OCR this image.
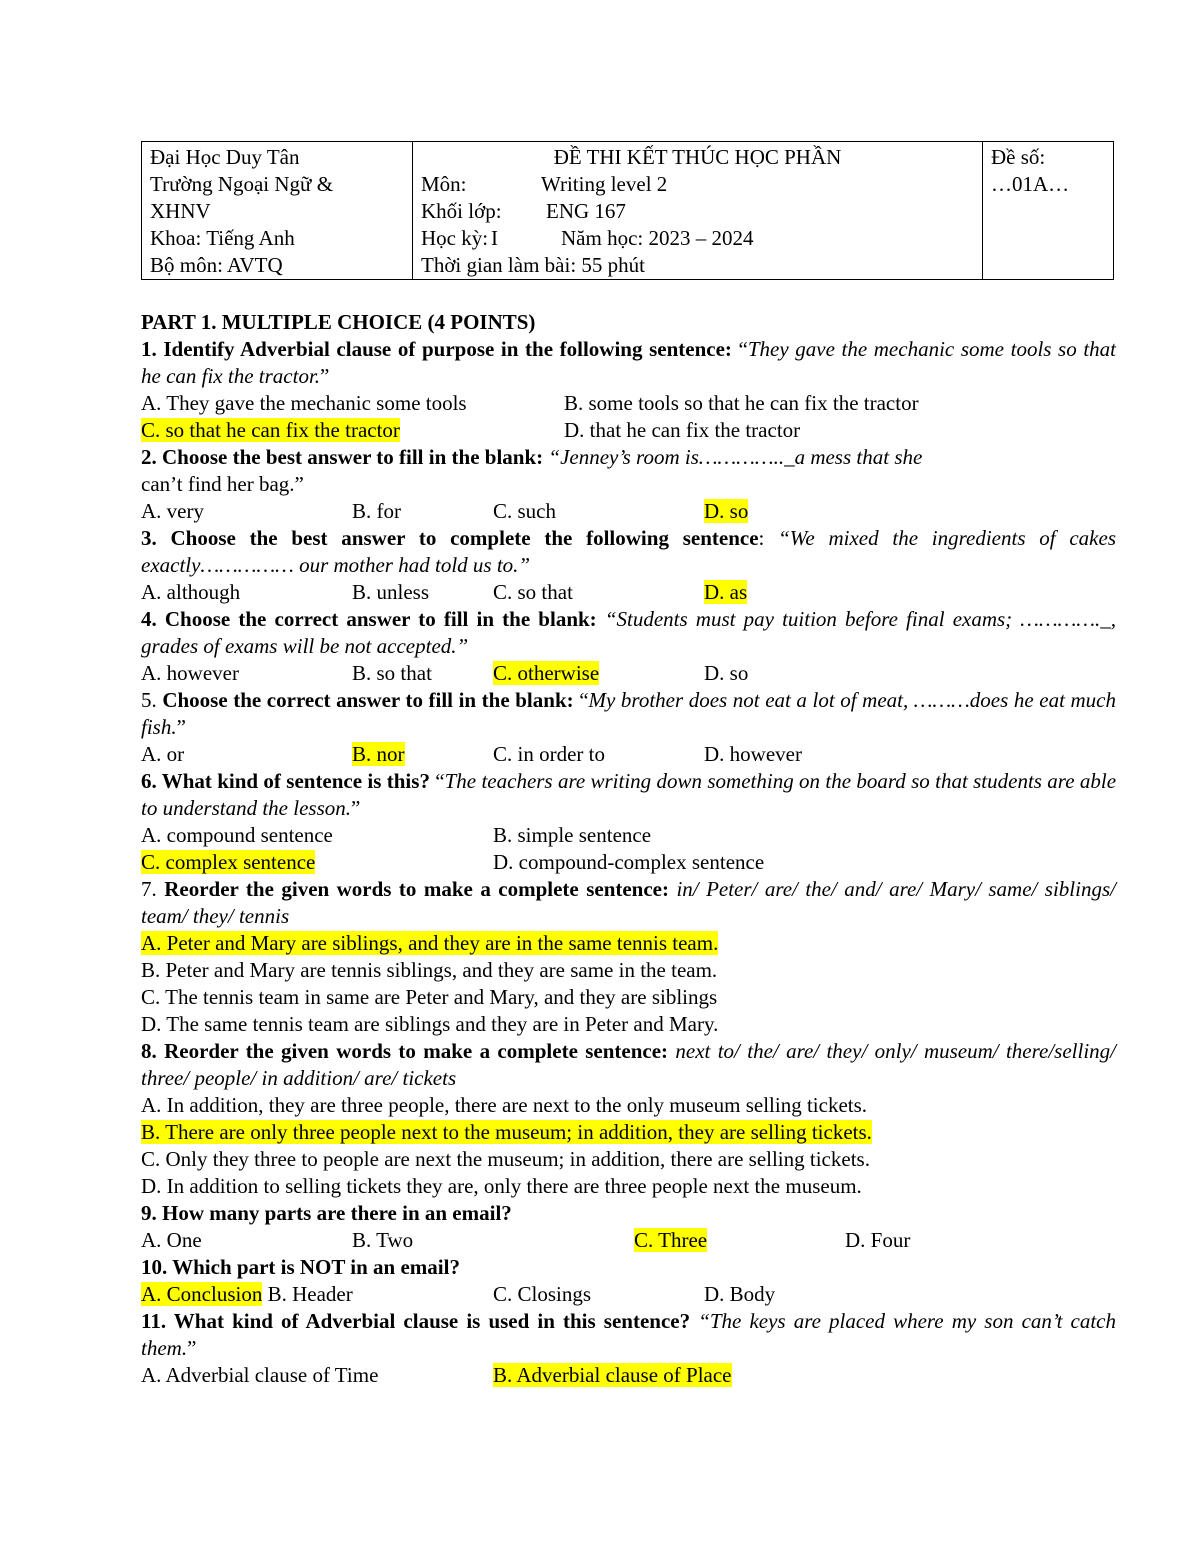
Đại Học Duy Tân
Trường Ngoại Ngữ &
XHNV
Khoa: Tiếng Anh
Bộ môn: AVTQ

ĐỀ THI KẾT THÚC HỌC PHẦN
Môn:	Writing level 2
Khối lớp:	ENG 167
Học kỳ: I	Năm học: 2023 – 2024
Thời gian làm bài: 55 phút

Đề số:
…01A…
PART 1. MULTIPLE CHOICE (4 POINTS)
1. Identify Adverbial clause of purpose in the following sentence: “They gave the mechanic some tools so that he can fix the tractor.”
A. They gave the mechanic some tools	B. some tools so that he can fix the tractor
C. so that he can fix the tractor	D. that he can fix the tractor
2. Choose the best answer to fill in the blank: “Jenney’s room is………….._a mess that she
can’t find her bag.”
A. very	B. for	C. such	D. so
3. Choose the best answer to complete the following sentence: “We mixed the ingredients of cakes exactly…………… our mother had told us to.”
A. although	B. unless	C. so that	D. as
4. Choose the correct answer to fill in the blank: “Students must pay tuition before final exams; …………._, grades of exams will be not accepted.”
A. however	B. so that	C. otherwise	D. so
5. Choose the correct answer to fill in the blank: “My brother does not eat a lot of meat, ………does he eat much fish.”
A. or	B. nor	C. in order to	D. however
6. What kind of sentence is this? “The teachers are writing down something on the board so that students are able to understand the lesson.”
A. compound sentence	B. simple sentence
C. complex sentence	D. compound-complex sentence
7. Reorder the given words to make a complete sentence: in/ Peter/ are/ the/ and/ are/ Mary/ same/ siblings/ team/ they/ tennis
A. Peter and Mary are siblings, and they are in the same tennis team.
B. Peter and Mary are tennis siblings, and they are same in the team.
C. The tennis team in same are Peter and Mary, and they are siblings
D. The same tennis team are siblings and they are in Peter and Mary.
8. Reorder the given words to make a complete sentence: next to/ the/ are/ they/ only/ museum/ there/selling/ three/ people/ in addition/ are/ tickets
A. In addition, they are three people, there are next to the only museum selling tickets.
B. There are only three people next to the museum; in addition, they are selling tickets.
C. Only they three to people are next the museum; in addition, there are selling tickets.
D. In addition to selling tickets they are, only there are three people next the museum.
9. How many parts are there in an email?
A. One	B. Two	C. Three	D. Four
10. Which part is NOT in an email?
A. Conclusion B. Header	C. Closings	D. Body
11. What kind of Adverbial clause is used in this sentence? “The keys are placed where my son can’t catch them.”
A. Adverbial clause of Time	B. Adverbial clause of Place
